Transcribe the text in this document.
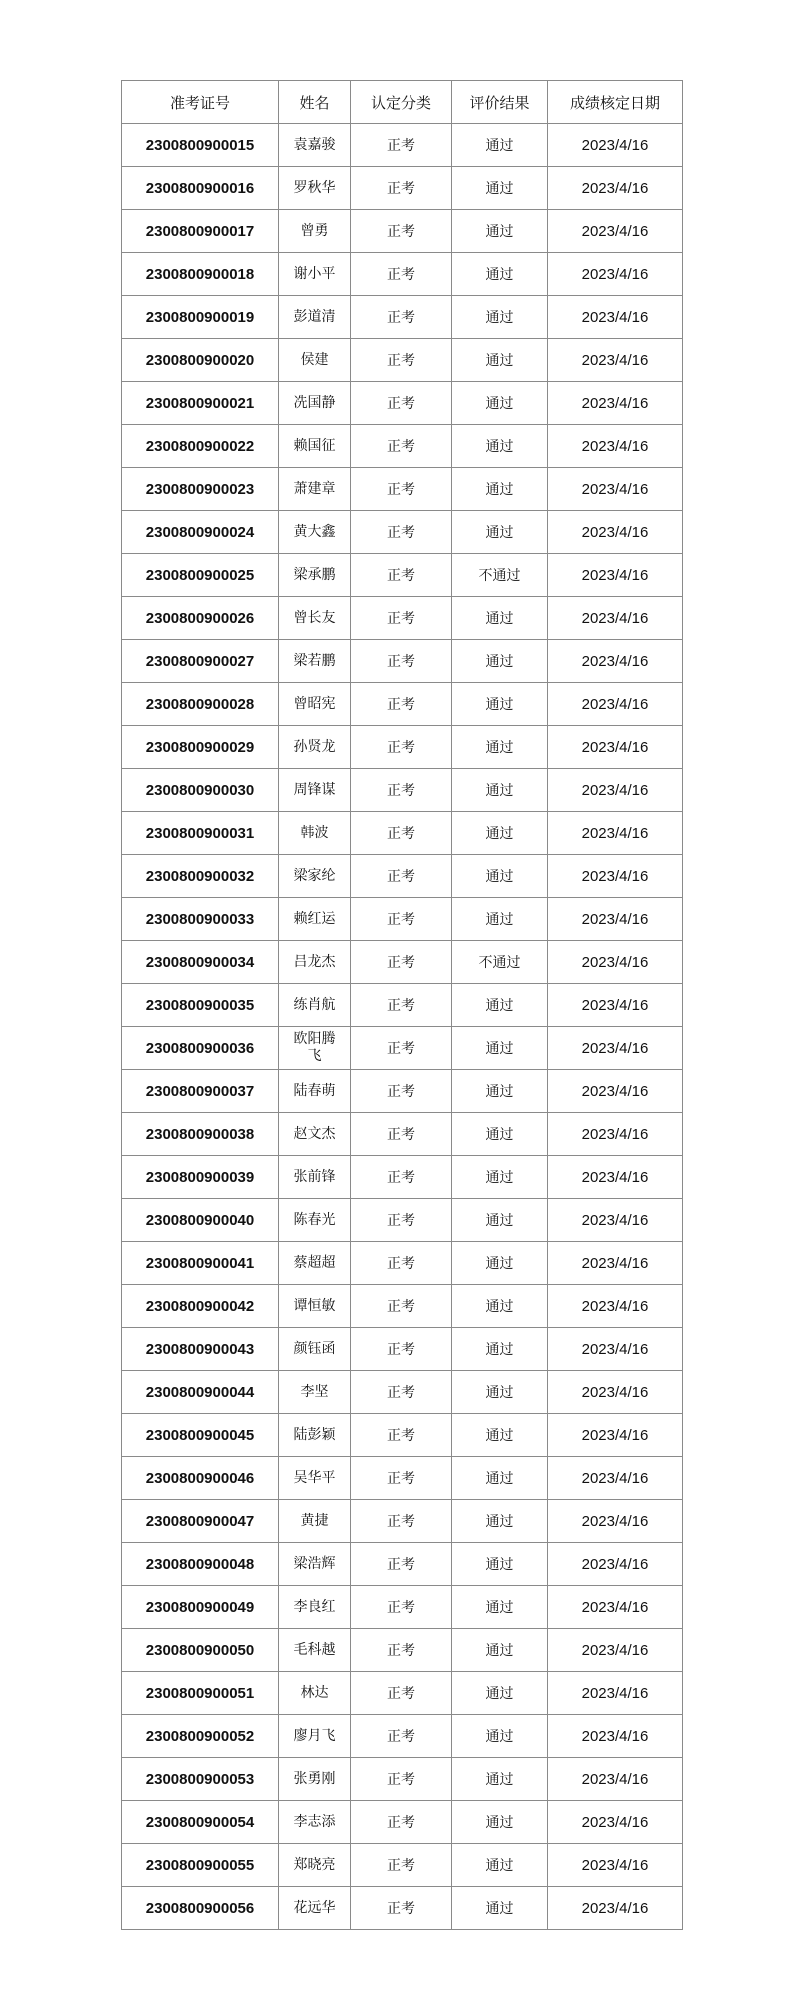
准考证号	姓名	认定分类	评价结果	成绩核定日期
2300800900015	袁嘉骏	正考	通过	2023/4/16
2300800900016	罗秋华	正考	通过	2023/4/16
2300800900017	曾勇	正考	通过	2023/4/16
2300800900018	谢小平	正考	通过	2023/4/16
2300800900019	彭道清	正考	通过	2023/4/16
2300800900020	侯建	正考	通过	2023/4/16
2300800900021	冼国静	正考	通过	2023/4/16
2300800900022	赖国征	正考	通过	2023/4/16
2300800900023	萧建章	正考	通过	2023/4/16
2300800900024	黄大鑫	正考	通过	2023/4/16
2300800900025	梁承鹏	正考	不通过	2023/4/16
2300800900026	曾长友	正考	通过	2023/4/16
2300800900027	梁若鹏	正考	通过	2023/4/16
2300800900028	曾昭宪	正考	通过	2023/4/16
2300800900029	孙贤龙	正考	通过	2023/4/16
2300800900030	周锋谋	正考	通过	2023/4/16
2300800900031	韩波	正考	通过	2023/4/16
2300800900032	梁家纶	正考	通过	2023/4/16
2300800900033	赖红运	正考	通过	2023/4/16
2300800900034	吕龙杰	正考	不通过	2023/4/16
2300800900035	练肖航	正考	通过	2023/4/16
2300800900036	欧阳腾飞	正考	通过	2023/4/16
2300800900037	陆春萌	正考	通过	2023/4/16
2300800900038	赵文杰	正考	通过	2023/4/16
2300800900039	张前锋	正考	通过	2023/4/16
2300800900040	陈春光	正考	通过	2023/4/16
2300800900041	蔡超超	正考	通过	2023/4/16
2300800900042	谭恒敏	正考	通过	2023/4/16
2300800900043	颜钰函	正考	通过	2023/4/16
2300800900044	李坚	正考	通过	2023/4/16
2300800900045	陆彭颖	正考	通过	2023/4/16
2300800900046	吴华平	正考	通过	2023/4/16
2300800900047	黄捷	正考	通过	2023/4/16
2300800900048	梁浩辉	正考	通过	2023/4/16
2300800900049	李良红	正考	通过	2023/4/16
2300800900050	毛科越	正考	通过	2023/4/16
2300800900051	林达	正考	通过	2023/4/16
2300800900052	廖月飞	正考	通过	2023/4/16
2300800900053	张勇刚	正考	通过	2023/4/16
2300800900054	李志添	正考	通过	2023/4/16
2300800900055	郑晓亮	正考	通过	2023/4/16
2300800900056	花远华	正考	通过	2023/4/16
